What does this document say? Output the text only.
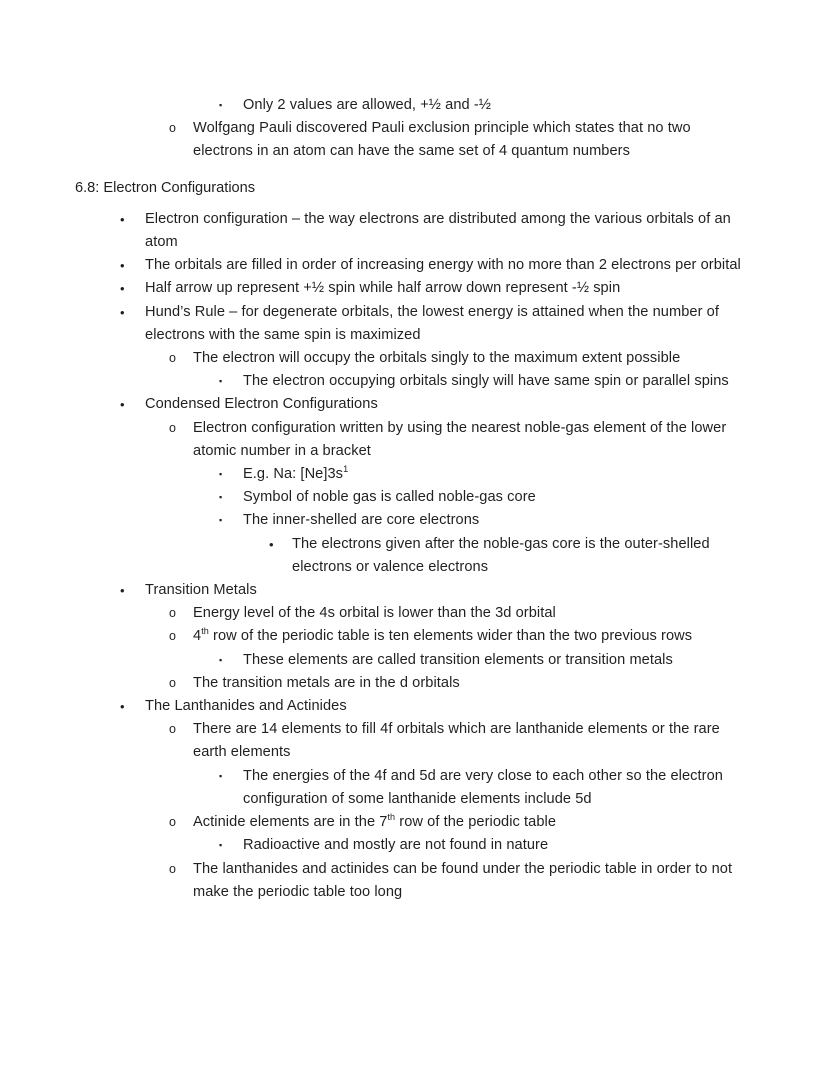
▪ Only 2 values are allowed, +½ and -½
o Wolfgang Pauli discovered Pauli exclusion principle which states that no two electrons in an atom can have the same set of 4 quantum numbers
6.8: Electron Configurations
• Electron configuration – the way electrons are distributed among the various orbitals of an atom
• The orbitals are filled in order of increasing energy with no more than 2 electrons per orbital
• Half arrow up represent +½ spin while half arrow down represent -½ spin
• Hund’s Rule – for degenerate orbitals, the lowest energy is attained when the number of electrons with the same spin is maximized
o The electron will occupy the orbitals singly to the maximum extent possible
▪ The electron occupying orbitals singly will have same spin or parallel spins
• Condensed Electron Configurations
o Electron configuration written by using the nearest noble-gas element of the lower atomic number in a bracket
▪ E.g. Na: $[Ne]3s^1$
▪ Symbol of noble gas is called noble-gas core
▪ The inner-shelled are core electrons
• The electrons given after the noble-gas core is the outer-shelled electrons or valence electrons
• Transition Metals
o Energy level of the 4s orbital is lower than the 3d orbital
o 4th row of the periodic table is ten elements wider than the two previous rows
▪ These elements are called transition elements or transition metals
o The transition metals are in the d orbitals
• The Lanthanides and Actinides
o There are 14 elements to fill 4f orbitals which are lanthanide elements or the rare earth elements
▪ The energies of the 4f and 5d are very close to each other so the electron configuration of some lanthanide elements include 5d
o Actinide elements are in the 7th row of the periodic table
▪ Radioactive and mostly are not found in nature
o The lanthanides and actinides can be found under the periodic table in order to not make the periodic table too long
